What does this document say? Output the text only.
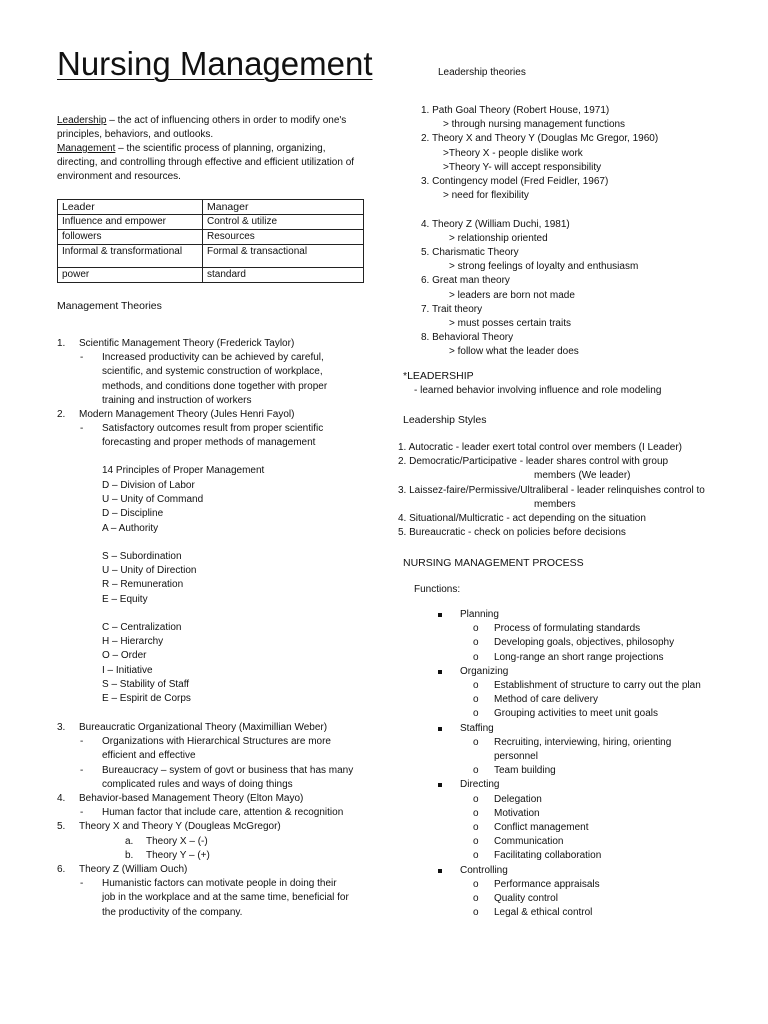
Nursing Management

Leadership – the act of influencing others in order to modify one's principles, behaviors, and outlooks.

Management – the scientific process of planning, organizing, directing, and controlling through effective and efficient utilization of environment and resources.

Leader	Manager
Influence and empower	Control & utilize
followers	Resources
Informal & transformational	Formal & transactional
power	standard
Management Theories
1. Scientific Management Theory (Frederick Taylor)
- Increased productivity can be achieved by careful,
scientific, and systemic construction of workplace,
methods, and conditions done together with proper
training and instruction of workers
2. Modern Management Theory (Jules Henri Fayol)
- Satisfactory outcomes result from proper scientific
forecasting and proper methods of management
14 Principles of Proper Management
D – Division of Labor
U – Unity of Command
D – Discipline
A – Authority
S – Subordination
U – Unity of Direction
R – Remuneration
E – Equity
C – Centralization
H – Hierarchy
O – Order
I – Initiative
S – Stability of Staff
E – Espirit de Corps
3. Bureaucratic Organizational Theory (Maximillian Weber)
- Organizations with Hierarchical Structures are more
efficient and effective
- Bureaucracy – system of govt or business that has many
complicated rules and ways of doing things
4. Behavior-based Management Theory (Elton Mayo)
- Human factor that include care, attention & recognition
5. Theory X and Theory Y (Dougleas McGregor)
a. Theory X – (-)
b. Theory Y – (+)
6. Theory Z (William Ouch)
- Humanistic factors can motivate people in doing their
job in the workplace and at the same time, beneficial for
the productivity of the company.
Leadership theories
1. Path Goal Theory (Robert House, 1971)
> through nursing management functions
2. Theory X and Theory Y (Douglas Mc Gregor, 1960)
>Theory X - people dislike work
>Theory Y- will accept responsibility
3. Contingency model (Fred Feidler, 1967)
> need for flexibility
4. Theory Z (William Duchi, 1981)
> relationship oriented
5. Charismatic Theory
> strong feelings of loyalty and enthusiasm
6. Great man theory
> leaders are born not made
7. Trait theory
> must posses certain traits
8. Behavioral Theory
> follow what the leader does
*LEADERSHIP
- learned behavior involving influence and role modeling
Leadership Styles
1. Autocratic - leader exert total control over members (I Leader)
2. Democratic/Participative - leader shares control with group
members (We leader)
3. Laissez-faire/Permissive/Ultraliberal - leader relinquishes control to
members
4. Situational/Multicratic - act depending on the situation
5. Bureaucratic - check on policies before decisions
NURSING MANAGEMENT PROCESS
Functions:
Planning
o Process of formulating standards
o Developing goals, objectives, philosophy
o Long-range an short range projections
Organizing
o Establishment of structure to carry out the plan
o Method of care delivery
o Grouping activities to meet unit goals
Staffing
o Recruiting, interviewing, hiring, orienting
personnel
o Team building
Directing
o Delegation
o Motivation
o Conflict management
o Communication
o Facilitating collaboration
Controlling
o Performance appraisals
o Quality control
o Legal & ethical control
